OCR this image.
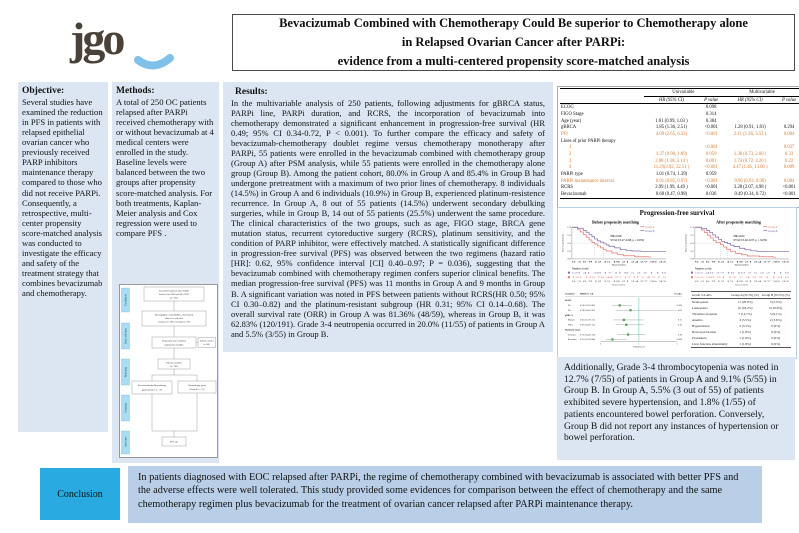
jgo	Bevacizumab Combined with Chemotherapy Could Be superior to Chemotherapy alone
in Relapsed Ovarian Cancer after PARPi:
evidence from a multi-centered propensity score-matched analysis
Objective:
Several studies have examined the reduction in PFS in patients with relapsed epithelial ovarian cancer who previously received PARP inhibitors maintenance therapy compared to those who did not receive PARPi. Consequently, a retrospective, multi-center propensity score-matched analysis was conducted to investigate the efficacy and safety of the treatment strategy that combines bevacizumab and chemotherapy.
Methods:
A total of 250 OC patients relapsed after PARPi received chemotherapy with or without bevacizumab at 4 medical centers were enrolled in the study. Baseline levels were balanced between the two groups after propensity score-matched analysis. For both treatments, Kaplan-Meier analysis and Cox regression were used to compare PFS .
Enrollment
Data collection
Matching
Grouping
Outcomes
Record OC patients after PARPi
between Jan 2018 and Dec 2022
(n=250)
Demographic, comorbidities, and clinical
data were collected
Group A (n=191); Group B (n=59)
Propensity score-matched
analysis by variables
Patients excluded
(n=140)
Patients enrolled
(n=110)
Bevacizumab plus Chemotherapy
group (Group A, n = 55)
Chemotherapy group
(Group B, n = 55)
PFS, AE
Results:
In the multivariable analysis of 250 patients, following adjustments for gBRCA status, PARPi line, PARPi duration, and RCRS, the incorporation of bevacizumab into chemotherapy demonstrated a significant enhancement in progression-free survival (HR 0.49; 95% CI 0.34-0.72, P < 0.001). To further compare the efficacy and safety of bevacizumab-chemotherapy doublet regime versus chemotherapy monotherapy after PARPi, 55 patients were enrolled in the bevacizumab combined with chemotherapy group (Group A) after PSM analysis, while 55 patients were enrolled in the chemotherapy alone group (Group B). Among the patient cohort, 80.0% in Group A and 85.4% in Group B had undergone pretreatment with a maximum of two prior lines of chemotherapy. 8 individuals (14.5%) in Group A and 6 individuals (10.9%) in Group B, experienced platinum-resistence recurrence. In Group A, 8 out of 55 patients (14.5%) underwent secondary debulking surgeries, while in Group B, 14 out of 55 patients (25.5%) underwent the same procedure. The clinical characteristics of the two groups, such as age, FIGO stage, BRCA gene mutation status, recurrent cytoreductive surgery (RCRS), platinum sensitivity, and the condition of PARP inhibitor, were effectively matched. A statistically significant difference in progression-free survival (PFS) was observed between the two regimens (hazard ratio [HR]: 0.62, 95% confidence interval [CI] 0.40–0.97; P = 0.036), suggesting that the bevacizumab combined with chemotherapy regimen confers superior clinical benefits. The median progression-free survival (PFS) was 11 months in Group A and 9 months in Group B. A significant variation was noted in PFS between patients without RCRS(HR 0.50; 95% CI 0.30–0.82) and the platinum-resistant subgroup (HR 0.31; 95% CI 0.14–0.68). The overall survival rate (ORR) in Group A was 81.36% (48/59), whereas in Group B, it was 62.83% (120/191). Grade 3-4 neutropenia occurred in 20.0% (11/55) of patients in Group A and 5.5% (3/55) in Group B.
	Univariable		Multivariable	
	HR (95% CI)	P value	HR (95% CI)	P value
ECOG		0.098		
FIGO Stage		0.314		
Age (year)	1.01 (0.99, 1.03 )	0.384		
gBRCA	1.85 (1.36, 2.51)	<0.001	1.28 (0.91, 1.81)	0.294
PFI	4.09 (2.65, 6.32)	<0.001	2.11 (1.26, 3.53 )	0.004
Lines of prior PARPi therapy				
1		<0.001		0.037
2	1.37 (0.98, 1.89)	0.059	1.38 (0.73, 2.60 )	0.33
3	2.08 (1.38, 3.14 )	0.001	1.74 (0.72, 4.20 )	0.22
4	11.29(3.92, 32.51 )	<0.001	4.47 (1.46, 13.68 )	0.009
PARPi type	1.01 (0.74, 1.39)	0.959		
PARPi maintenance interval	0.91 (0.85, 0.97)	<0.001	0.96 (0.93, 0.98)	0.004
RCRS	2.99 (1.99, 4.49 )	<0.001	3.28 (2.07, 4.98 )	<0.001
Bevacizumab	0.68 (0.47, 0.98)	0.036	0.49 (0.34, 0.72)	<0.001
Progression-free survival
Before propensity matching
Group A
Group B
1.00
0.75
0.50
0.25
0.00
Survival probability	HR=0.68
95%CI 0.47-0.98, p = 0.036
0 3 6 9 12 15 18 21 24 27 30 33
Time(months)
Number at risk
59 41 28 17 11 8 5 3 2 1 1 0
191 130 78 44 27 17 11 7 4 2 1 0
0 3 6 9 12 15 18 21 24 27 30 33
Time(months)
After propensity matching
Group A
Group B
1.00
0.75
0.50
0.25
0.00
Survival probability	HR=0.62
95%CI 0.40-0.97, p = 0.036
0 3 6 9 12 15 18 21 24 27 30 33
Time(months)
Number at risk
55 40 27 16 10 7 5 3 2 1 1 0
55 36 21 12 7 4 3 2 1 1 0 0
0 3 6 9 12 15 18 21 24 27 30 33
Time(months)
Variables HR(95% CI)	P value
RCRS
No	0.50 (0.30-0.82)	0.006
Yes	0.78 (0.40-2.05)	0.62
gBRCA
Mutant 0.61 (0.33-1.13)	0.11
Wild	0.67 (0.40-1.12)	0.16
Platinum status
Sensitive 0.72 (0.44-1.18)	0.19
Resistant 0.31 (0.14-0.68)	0.004
0	1	2
HR(95%CI)
Grade 3-4 AEs	Group A (N=55) (%)	Group B (N=55) (%)
Neutropenia	11 (20.0%)	3 (5.5%)
Leukopenia	10 (18.2%)	6 (10.9%)
Thrombocytopenia	7 (12.7%)	5 (9.1%)
Anemia	3 (5.5%)	2 (3.6%)
Hypertension	3 (5.5%)	0 (0%)
Bowel perforation	1 (1.8%)	0 (0%)
Proteinuria	1 (1.8%)	0 (0%)
Liver function abnormality	1 (1.8%)	0 (0%)
Additionally, Grade 3-4 thrombocytopenia was noted in 12.7% (7/55) of patients in Group A and 9.1% (5/55) in Group B. In Group A, 5.5% (3 out of 55) of patients exhibited severe hypertension, and 1.8% (1/55) of patients encountered bowel perforation. Conversely, Group B did not report any instances of hypertension or bowel perforation.
Conclusion
In patients diagnosed with EOC relapsed after PARPi, the regime of chemotherapy combined with bevacizumab is associated with better PFS and the adverse effects were well tolerated. This study provided some evidences for comparison between the effect of chemotherapy and the same chemotherapy regimen plus bevacizumab for the treatment of ovarian cancer relapsed after PARPi maintenance therapy.
